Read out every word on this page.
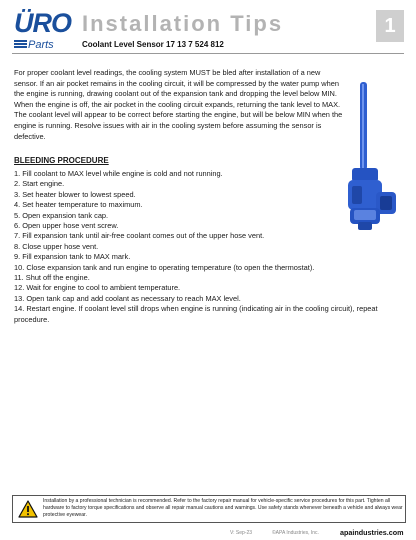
ÜRO
Parts
Installation Tips
Coolant Level Sensor 17 13 7 524 812
1
For proper coolant level readings, the cooling system MUST be bled after installation of a new sensor. If an air pocket remains in the cooling circuit, it will be compressed by the water pump when the engine is running, drawing coolant out of the expansion tank and dropping the level below MIN. When the engine is off, the air pocket in the cooling circuit expands, returning the tank level to MAX. The coolant level will appear to be correct before starting the engine, but will be below MIN when the engine is running. Resolve issues with air in the cooling system before assuming the sensor is defective.
BLEEDING PROCEDURE
1. Fill coolant to MAX level while engine is cold and not running.
2. Start engine.
3. Set heater blower to lowest speed.
4. Set heater temperature to maximum.
5. Open expansion tank cap.
6. Open upper hose vent screw.
7. Fill expansion tank until air-free coolant comes out of the upper hose vent.
8. Close upper hose vent.
9. Fill expansion tank to MAX mark.
10. Close expansion tank and run engine to operating temperature (to open the thermostat).
11. Shut off the engine.
12. Wait for engine to cool to ambient temperature.
13. Open tank cap and add coolant as necessary to reach MAX level.
14. Restart engine. If coolant level still drops when engine is running (indicating air in the cooling circuit), repeat procedure.
Installation by a professional technician is recommended. Refer to the factory repair manual for vehicle-specific service procedures for this part. Tighten all hardware to factory torque specifications and observe all repair manual cautions and warnings. Use safety stands whenever beneath a vehicle and always wear protective eyewear.
V: Sep-23	©APA Industries, Inc.	apaindustries.com
